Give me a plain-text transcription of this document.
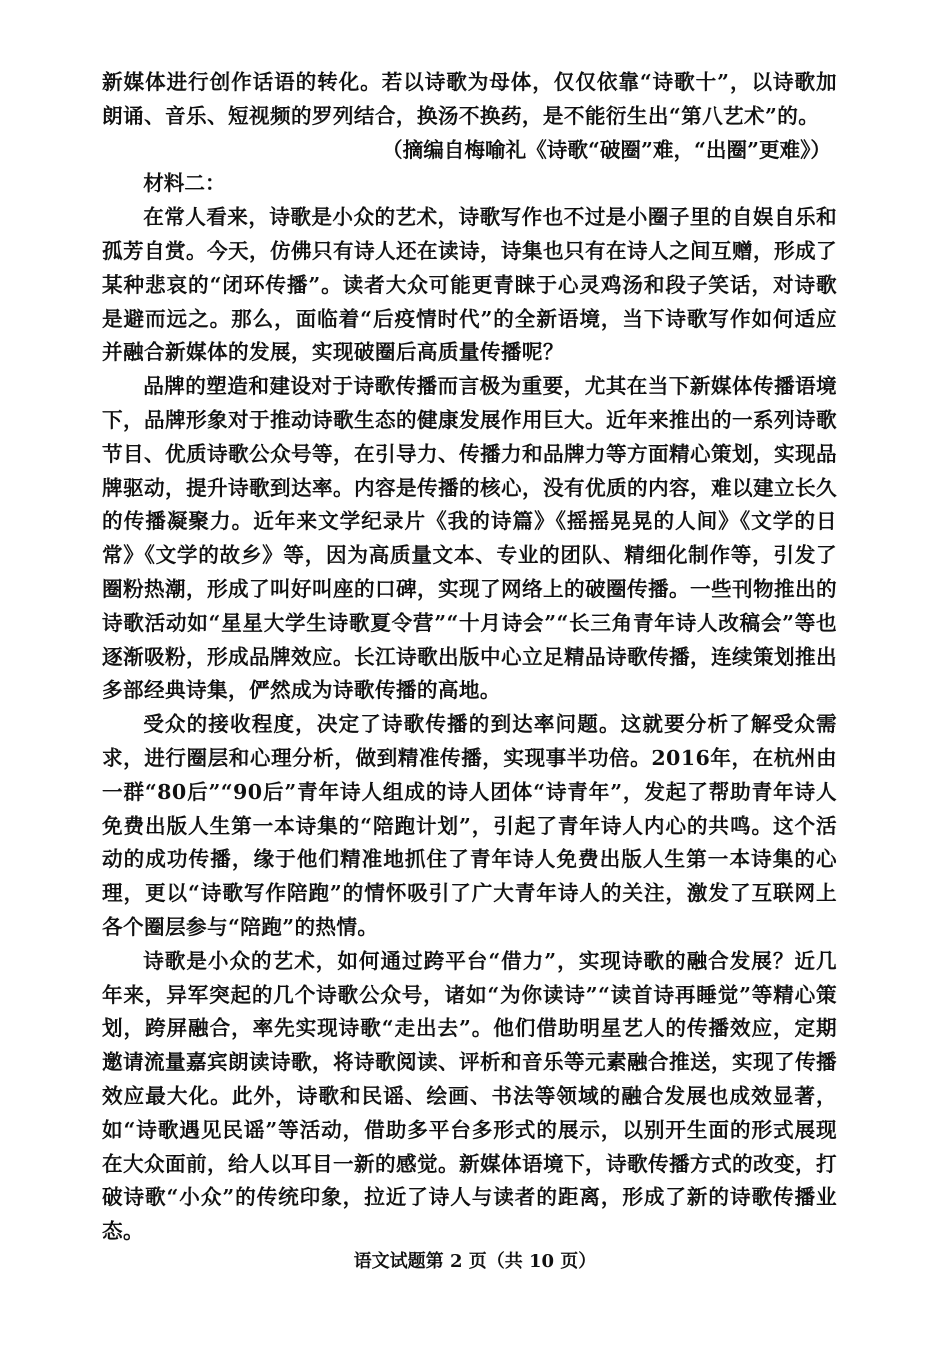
新媒体进行创作话语的转化。若以诗歌为母体，仅仅依靠“诗歌十”，以诗歌加朗诵、音乐、短视频的罗列结合，换汤不换药，是不能衍生出“第八艺术”的。

（摘编自梅喻礼《诗歌“破圈”难，“出圈”更难》）

材料二：

在常人看来，诗歌是小众的艺术，诗歌写作也不过是小圈子里的自娱自乐和孤芳自赏。今天，仿佛只有诗人还在读诗，诗集也只有在诗人之间互赠，形成了某种悲哀的“闭环传播”。读者大众可能更青睐于心灵鸡汤和段子笑话，对诗歌是避而远之。那么，面临着“后疫情时代”的全新语境，当下诗歌写作如何适应并融合新媒体的发展，实现破圈后高质量传播呢？

品牌的塑造和建设对于诗歌传播而言极为重要，尤其在当下新媒体传播语境下，品牌形象对于推动诗歌生态的健康发展作用巨大。近年来推出的一系列诗歌节目、优质诗歌公众号等，在引导力、传播力和品牌力等方面精心策划，实现品牌驱动，提升诗歌到达率。内容是传播的核心，没有优质的内容，难以建立长久的传播凝聚力。近年来文学纪录片《我的诗篇》《摇摇晃晃的人间》《文学的日常》《文学的故乡》等，因为高质量文本、专业的团队、精细化制作等，引发了圈粉热潮，形成了叫好叫座的口碑，实现了网络上的破圈传播。一些刊物推出的诗歌活动如“星星大学生诗歌夏令营”“十月诗会”“长三角青年诗人改稿会”等也逐渐吸粉，形成品牌效应。长江诗歌出版中心立足精品诗歌传播，连续策划推出多部经典诗集，俨然成为诗歌传播的高地。

受众的接收程度，决定了诗歌传播的到达率问题。这就要分析了解受众需求，进行圈层和心理分析，做到精准传播，实现事半功倍。2016年，在杭州由一群“80后”“90后”青年诗人组成的诗人团体“诗青年”，发起了帮助青年诗人免费出版人生第一本诗集的“陪跑计划”，引起了青年诗人内心的共鸣。这个活动的成功传播，缘于他们精准地抓住了青年诗人免费出版人生第一本诗集的心理，更以“诗歌写作陪跑”的情怀吸引了广大青年诗人的关注，激发了互联网上各个圈层参与“陪跑”的热情。

诗歌是小众的艺术，如何通过跨平台“借力”，实现诗歌的融合发展？近几年来，异军突起的几个诗歌公众号，诸如“为你读诗”“读首诗再睡觉”等精心策划，跨屏融合，率先实现诗歌“走出去”。他们借助明星艺人的传播效应，定期邀请流量嘉宾朗读诗歌，将诗歌阅读、评析和音乐等元素融合推送，实现了传播效应最大化。此外，诗歌和民谣、绘画、书法等领域的融合发展也成效显著，如“诗歌遇见民谣”等活动，借助多平台多形式的展示，以别开生面的形式展现在大众面前，给人以耳目一新的感觉。新媒体语境下，诗歌传播方式的改变，打破诗歌“小众”的传统印象，拉近了诗人与读者的距离，形成了新的诗歌传播业态。

语文试题第 2 页（共 10 页）
